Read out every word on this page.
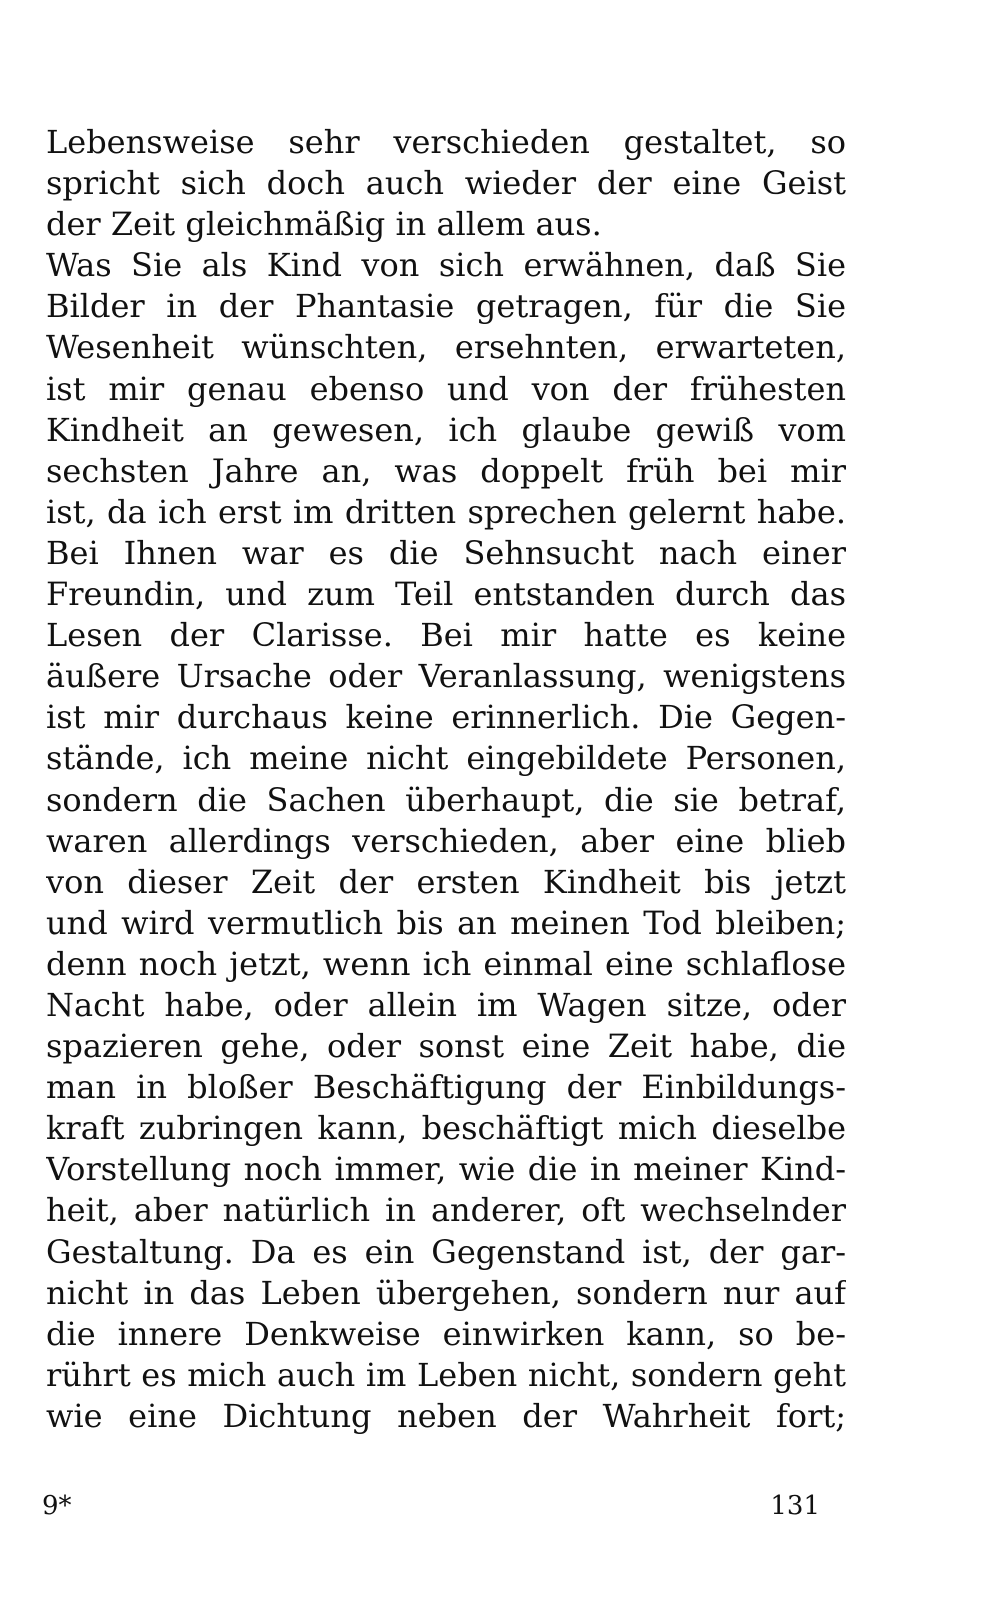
Lebensweise sehr verschieden gestaltet, so
spricht sich doch auch wieder der eine Geist
der Zeit gleichmäßig in allem aus.
Was Sie als Kind von sich erwähnen, daß Sie
Bilder in der Phantasie getragen, für die Sie
Wesenheit wünschten, ersehnten, erwarteten,
ist mir genau ebenso und von der frühesten
Kindheit an gewesen, ich glaube gewiß vom
sechsten Jahre an, was doppelt früh bei mir
ist, da ich erst im dritten sprechen gelernt habe.
Bei Ihnen war es die Sehnsucht nach einer
Freundin, und zum Teil entstanden durch das
Lesen der Clarisse. Bei mir hatte es keine
äußere Ursache oder Veranlassung, wenigstens
ist mir durchaus keine erinnerlich. Die Gegen-
stände, ich meine nicht eingebildete Personen,
sondern die Sachen überhaupt, die sie betraf,
waren allerdings verschieden, aber eine blieb
von dieser Zeit der ersten Kindheit bis jetzt
und wird vermutlich bis an meinen Tod bleiben;
denn noch jetzt, wenn ich einmal eine schlaflose
Nacht habe, oder allein im Wagen sitze, oder
spazieren gehe, oder sonst eine Zeit habe, die
man in bloßer Beschäftigung der Einbildungs-
kraft zubringen kann, beschäftigt mich dieselbe
Vorstellung noch immer, wie die in meiner Kind-
heit, aber natürlich in anderer, oft wechselnder
Gestaltung. Da es ein Gegenstand ist, der gar-
nicht in das Leben übergehen, sondern nur auf
die innere Denkweise einwirken kann, so be-
rührt es mich auch im Leben nicht, sondern geht
wie eine Dichtung neben der Wahrheit fort;
9*	131
